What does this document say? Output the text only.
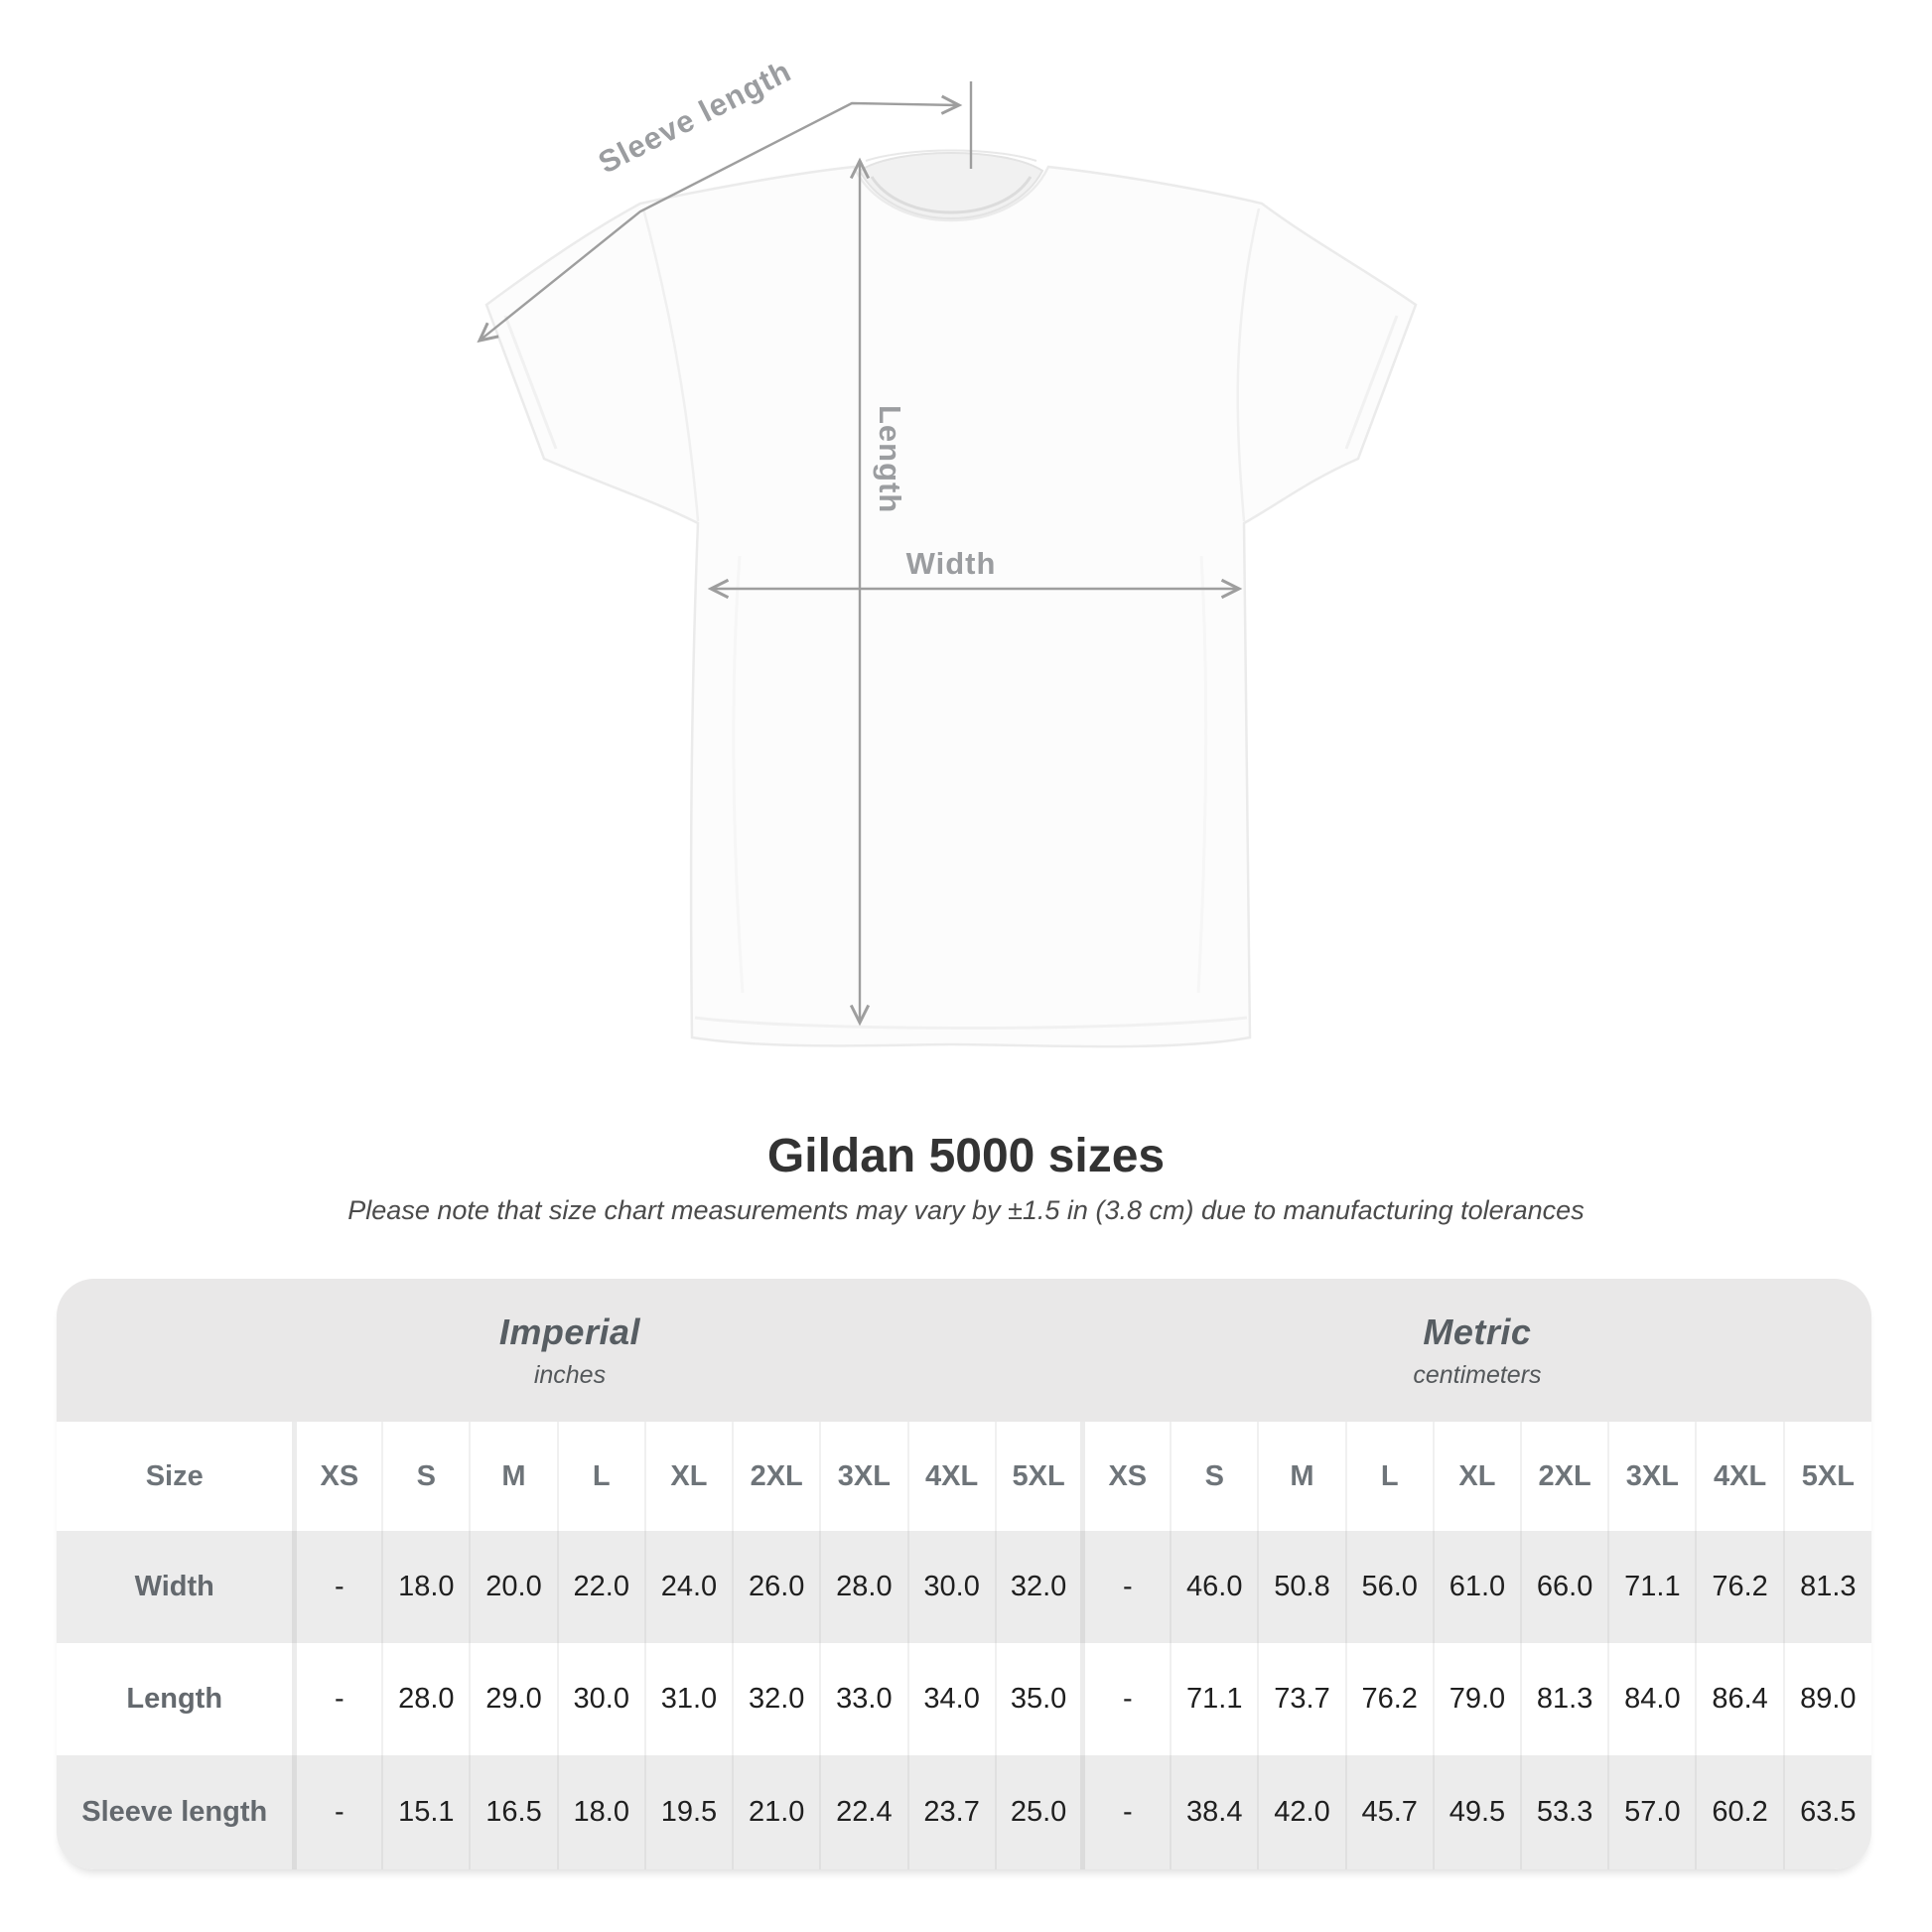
Sleeve length
Length
Width
Gildan 5000 sizes

Please note that size chart measurements may vary by ±1.5 in (3.8 cm) due to manufacturing tolerances

Imperial
inches
Metric
centimeters
Size	XS	S	M	L	XL	2XL	3XL	4XL	5XL	XS	S	M	L	XL	2XL	3XL	4XL	5XL
Width	-	18.0	20.0	22.0	24.0	26.0	28.0	30.0	32.0	-	46.0	50.8	56.0	61.0	66.0	71.1	76.2	81.3
Length	-	28.0	29.0	30.0	31.0	32.0	33.0	34.0	35.0	-	71.1	73.7	76.2	79.0	81.3	84.0	86.4	89.0
Sleeve length	-	15.1	16.5	18.0	19.5	21.0	22.4	23.7	25.0	-	38.4	42.0	45.7	49.5	53.3	57.0	60.2	63.5
